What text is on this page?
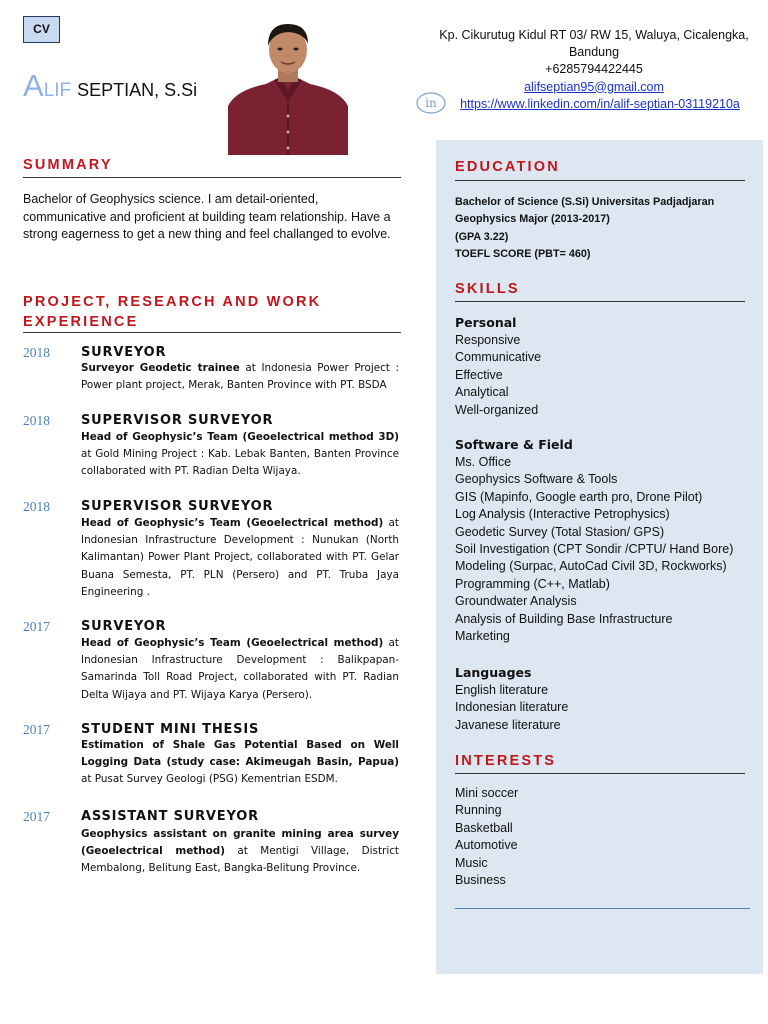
CV
ALIF SEPTIAN, S.Si
Kp. Cikurutug Kidul RT 03/ RW 15, Waluya, Cicalengka,
Bandung
+6285794422445
alifseptian95@gmail.com
in https://www.linkedin.com/in/alif-septian-03119210a
SUMMARY
Bachelor of Geophysics science. I am detail-oriented, communicative and proficient at building team relationship. Have a strong eagerness to get a new thing and feel challanged to evolve.
PROJECT, RESEARCH AND WORK EXPERIENCE
2018 SURVEYOR
Surveyor Geodetic trainee at Indonesia Power Project : Power plant project, Merak, Banten Province with PT. BSDA
2018 SUPERVISOR SURVEYOR
Head of Geophysic’s Team (Geoelectrical method 3D) at Gold Mining Project : Kab. Lebak Banten, Banten Province collaborated with PT. Radian Delta Wijaya.
2018 SUPERVISOR SURVEYOR
Head of Geophysic’s Team (Geoelectrical method) at Indonesian Infrastructure Development : Nunukan (North Kalimantan) Power Plant Project, collaborated with PT. Gelar Buana Semesta, PT. PLN (Persero) and PT. Truba Jaya Engineering .
2017 SURVEYOR
Head of Geophysic’s Team (Geoelectrical method) at Indonesian Infrastructure Development : Balikpapan-Samarinda Toll Road Project, collaborated with PT. Radian Delta Wijaya and PT. Wijaya Karya (Persero).
2017 STUDENT MINI THESIS
Estimation of Shale Gas Potential Based on Well Logging Data (study case: Akimeugah Basin, Papua) at Pusat Survey Geologi (PSG) Kementrian ESDM.
2017 ASSISTANT SURVEYOR
Geophysics assistant on granite mining area survey (Geoelectrical method) at Mentigi Village, District Membalong, Belitung East, Bangka-Belitung Province.
EDUCATION
Bachelor of Science (S.Si) Universitas Padjadjaran
Geophysics Major (2013-2017)
(GPA 3.22)
TOEFL SCORE (PBT= 460)
SKILLS
Personal
Responsive
Communicative
Effective
Analytical
Well-organized
Software & Field
Ms. Office
Geophysics Software & Tools
GIS (Mapinfo, Google earth pro, Drone Pilot)
Log Analysis (Interactive Petrophysics)
Geodetic Survey (Total Stasion/ GPS)
Soil Investigation (CPT Sondir /CPTU/ Hand Bore)
Modeling (Surpac, AutoCad Civil 3D, Rockworks)
Programming (C++, Matlab)
Groundwater Analysis
Analysis of Building Base Infrastructure
Marketing
Languages
English literature
Indonesian literature
Javanese literature
INTERESTS
Mini soccer
Running
Basketball
Automotive
Music
Business
